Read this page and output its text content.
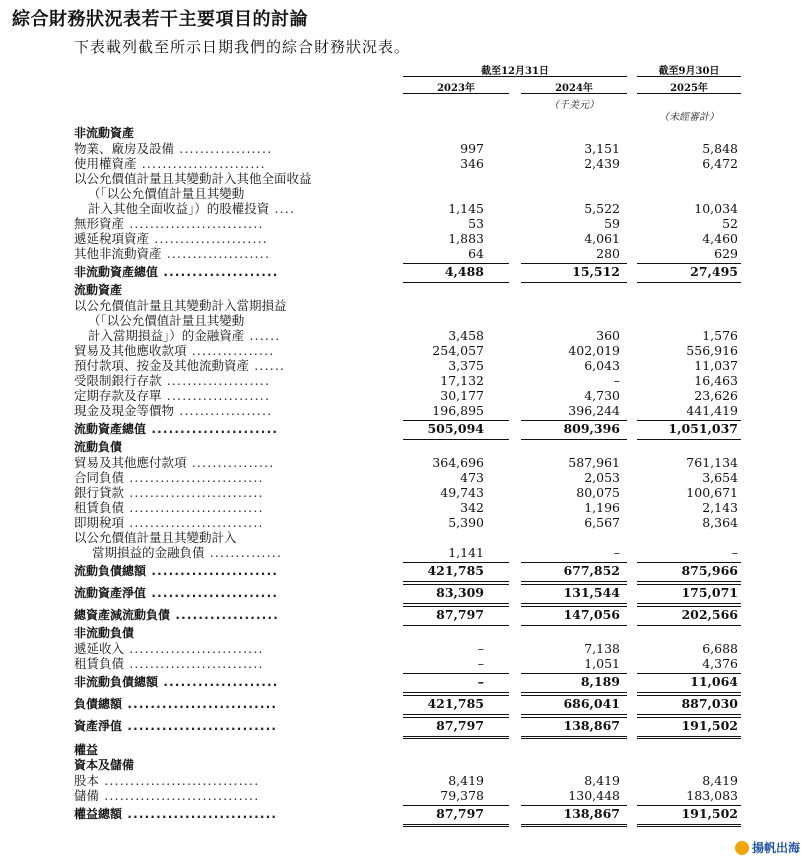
綜合財務狀況表若干主要項目的討論
下表載列截至所示日期我們的綜合財務狀況表。
截至12月31日	截至9月30日
2023年	2024年	2025年
（千美元）
（未經審計）
非流動資產
物業、廠房及設備 ..................	997	3,151	5,848
使用權資產 ........................	346	2,439	6,472
以公允價值計量且其變動計入其他全面收益
（「以公允價值計量且其變動
計入其他全面收益」）的股權投資 ....	1,145	5,522	10,034
無形資產 ..........................	53	59	52
遞延稅項資產 ......................	1,883	4,061	4,460
其他非流動資產 ....................	64	280	629
非流動資產總值 ....................	4,488	15,512	27,495
流動資產
以公允價值計量且其變動計入當期損益
（「以公允價值計量且其變動
計入當期損益」）的金融資產 ......	3,458	360	1,576
貿易及其他應收款項 ................	254,057	402,019	556,916
預付款項、按金及其他流動資產 ......	3,375	6,043	11,037
受限制銀行存款 ....................	17,132	–	16,463
定期存款及存單 ....................	30,177	4,730	23,626
現金及現金等價物 ..................	196,895	396,244	441,419
流動資產總值 ......................	505,094	809,396	1,051,037
流動負債
貿易及其他應付款項 ................	364,696	587,961	761,134
合同負債 ..........................	473	2,053	3,654
銀行貸款 ..........................	49,743	80,075	100,671
租賃負債 ..........................	342	1,196	2,143
即期稅項 ..........................	5,390	6,567	8,364
以公允價值計量且其變動計入
當期損益的金融負債 ..............	1,141	–	–
流動負債總額 ......................	421,785	677,852	875,966
流動資產淨值 ......................	83,309	131,544	175,071
總資產減流動負債 ..................	87,797	147,056	202,566
非流動負債
遞延收入 ..........................	–	7,138	6,688
租賃負債 ..........................	–	1,051	4,376
非流動負債總額 ....................	–	8,189	11,064
負債總額 ..........................	421,785	686,041	887,030
資產淨值 ..........................	87,797	138,867	191,502
權益
資本及儲備
股本 ..............................	8,419	8,419	8,419
儲備 ..............................	79,378	130,448	183,083
權益總額 ..........................	87,797	138,867	191,502
揚帆出海
